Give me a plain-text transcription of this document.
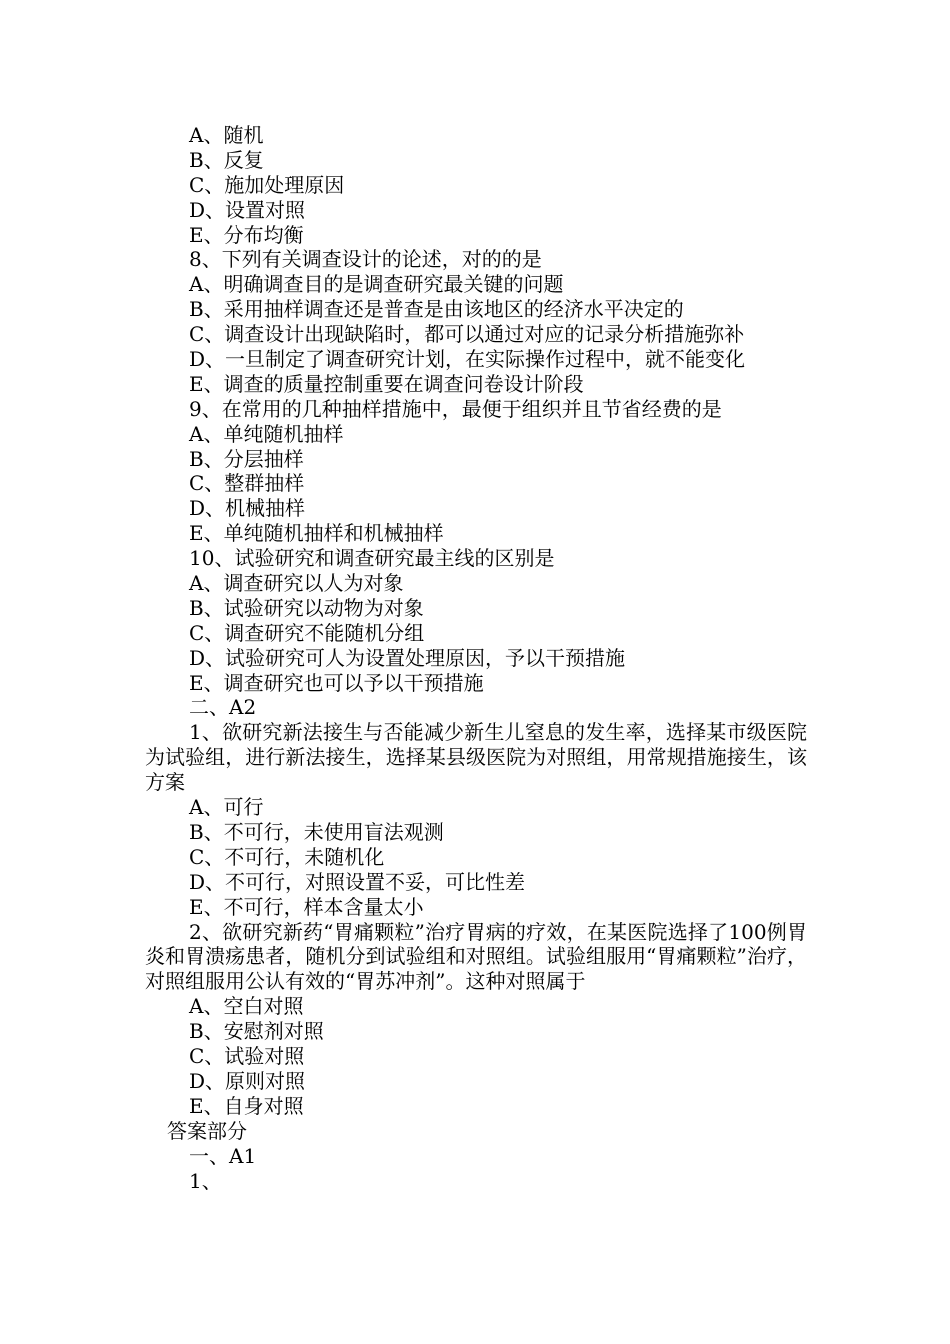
A、随机
B、反复
C、施加处理原因
D、设置对照
E、分布均衡
8、下列有关调查设计的论述，对的的是
A、明确调查目的是调查研究最关键的问题
B、采用抽样调查还是普查是由该地区的经济水平决定的
C、调查设计出现缺陷时，都可以通过对应的记录分析措施弥补
D、一旦制定了调查研究计划，在实际操作过程中，就不能变化
E、调查的质量控制重要在调查问卷设计阶段
9、在常用的几种抽样措施中，最便于组织并且节省经费的是
A、单纯随机抽样
B、分层抽样
C、整群抽样
D、机械抽样
E、单纯随机抽样和机械抽样
10、试验研究和调查研究最主线的区别是
A、调查研究以人为对象
B、试验研究以动物为对象
C、调查研究不能随机分组
D、试验研究可人为设置处理原因，予以干预措施
E、调查研究也可以予以干预措施
二、A2
1、欲研究新法接生与否能减少新生儿窒息的发生率，选择某市级医院为试验组，进行新法接生，选择某县级医院为对照组，用常规措施接生，该方案
A、可行
B、不可行，未使用盲法观测
C、不可行，未随机化
D、不可行，对照设置不妥，可比性差
E、不可行，样本含量太小
2、欲研究新药“胃痛颗粒”治疗胃病的疗效，在某医院选择了100例胃炎和胃溃疡患者，随机分到试验组和对照组。试验组服用“胃痛颗粒”治疗，对照组服用公认有效的“胃苏冲剂”。这种对照属于
A、空白对照
B、安慰剂对照
C、试验对照
D、原则对照
E、自身对照
答案部分
一、A1
1、
